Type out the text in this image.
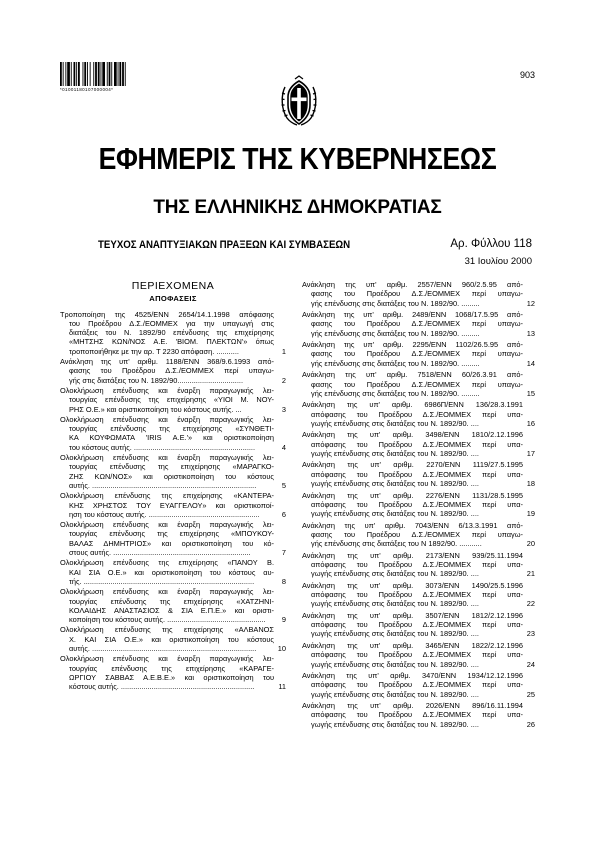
*01001180107000004*
903
ΕΦΗΜΕΡΙΣ ΤΗΣ ΚΥΒΕΡΝΗΣΕΩΣ
ΤΗΣ ΕΛΛΗΝΙΚΗΣ ΔΗΜΟΚΡΑΤΙΑΣ
ΤΕΥΧΟΣ ΑΝΑΠΤΥΞΙΑΚΩΝ ΠΡΑΞΕΩΝ ΚΑΙ ΣΥΜΒΑΣΕΩΝ	Αρ. Φύλλου 118
31 Ιουλίου 2000
ΠΕΡΙΕΧΟΜΕΝΑ
ΑΠΟΦΑΣΕΙΣ
Τροποποίηση της 4525/ΕΝΝ 2654/14.1.1998 απόφασης
του Προέδρου Δ.Σ./ΕΟΜΜΕΧ για την υπαγωγή στις
διατάξεις του Ν. 1892/90 επένδυσης της επιχείρησης
«ΜΗΤΣΗΣ ΚΩΝ/ΝΟΣ Α.Ε. 'ΒΙΟΜ. ΠΛΕΚΤΩΝ'» όπως
τροποποιήθηκε με την αρ. Τ 2230 απόφαση. ...........	1
Ανάκληση της υπ' αριθμ. 1188/ΕΝΝ 368/9.6.1993 από-
φασης του Προέδρου Δ.Σ./ΕΟΜΜΕΧ περί υπαγω-
γής στις διατάξεις του Ν. 1892/90................................	2
Ολοκλήρωση επένδυσης και έναρξη παραγωγικής λει-
τουργίας επένδυσης της επιχείρησης «ΥΙΟΙ Μ. ΝΟΥ-
ΡΗΣ Ο.Ε.» και οριστικοποίηση του κόστους αυτής. ...	3
Ολοκλήρωση επένδυσης και έναρξη παραγωγικής λει-
τουργίας επένδυσης της επιχείρησης «ΣΥΝΘΕΤΙ-
ΚΑ ΚΟΥΦΩΜΑΤΑ 'IRIS Α.Ε.'» και οριστικοποίηση
του κόστους αυτής. ...........................................................	4
Ολοκλήρωση επένδυσης και έναρξη παραγωγικής λει-
τουργίας επένδυσης της επιχείρησης «ΜΑΡΑΓΚΟ-
ΖΗΣ ΚΩΝ/ΝΟΣ» και οριστικοποίηση του κόστους
αυτής. ................................................................................	5
Ολοκλήρωση επένδυσης της επιχείρησης «ΚΑΝΤΕΡΑ-
ΚΗΣ ΧΡΗΣΤΟΣ ΤΟΥ ΕΥΑΓΓΕΛΟΥ» και οριστικοποί-
ηση του κόστους αυτής. ......................................................	6
Ολοκλήρωση επένδυσης και έναρξη παραγωγικής λει-
τουργίας επένδυσης της επιχείρησης «ΜΠΟΥΚΟΥ-
ΒΑΛΑΣ ΔΗΜΗΤΡΙΟΣ» και οριστικοποίηση του κό-
στους αυτής. ...................................................................	7
Ολοκλήρωση επένδυσης της επιχείρησης «ΠΑΝΟΥ Β.
ΚΑΙ ΣΙΑ Ο.Ε.» και οριστικοποίηση του κόστους αυ-
τής. ...................................................................................	8
Ολοκλήρωση επένδυσης και έναρξη παραγωγικής λει-
τουργίας επένδυσης της επιχείρησης «ΧΑΤΖΗΝΙ-
ΚΟΛΑΙΔΗΣ ΑΝΑΣΤΑΣΙΟΣ & ΣΙΑ Ε.Π.Ε.» και οριστι-
κοποίηση του κόστους αυτής. ................................................	9
Ολοκλήρωση επένδυσης της επιχείρησης «ΑΛΒΑΝΟΣ
Χ. ΚΑΙ ΣΙΑ Ο.Ε.» και οριστικοποίηση του κόστους
αυτής. ................................................................................	10
Ολοκλήρωση επένδυσης και έναρξη παραγωγικής λει-
τουργίας επένδυσης της επιχείρησης «ΚΑΡΑΓΕ-
ΩΡΓΙΟΥ ΣΑΒΒΑΣ Α.Ε.Β.Ε.» και οριστικοποίηση του
κόστους αυτής. .................................................................	11
Ανάκληση της υπ' αριθμ. 2557/ΕΝΝ 960/2.5.95 από-
φασης του Προέδρου Δ.Σ./ΕΟΜΜΕΧ περί υπαγω-
γής επένδυσης στις διατάξεις του Ν. 1892/90. .........	12
Ανάκληση της υπ' αριθμ. 2489/ΕΝΝ 1068/17.5.95 από-
φασης του Προέδρου Δ.Σ./ΕΟΜΜΕΧ περί υπαγω-
γής επένδυσης στις διατάξεις του Ν. 1892/90. .........	13
Ανάκληση της υπ' αριθμ. 2295/ΕΝΝ 1102/26.5.95 από-
φασης του Προέδρου Δ.Σ./ΕΟΜΜΕΧ περί υπαγω-
γής επένδυσης στις διατάξεις του Ν. 1892/90. .........	14
Ανάκληση της υπ' αριθμ. 7518/ΕΝΝ 60/26.3.91 από-
φασης του Προέδρου Δ.Σ./ΕΟΜΜΕΧ περί υπαγω-
γής επένδυσης στις διατάξεις του Ν. 1892/90. .........	15
Ανάκληση της υπ' αριθμ. 6986Π/ΕΝΝ 136/28.3.1991
απόφασης του Προέδρου Δ.Σ./ΕΟΜΜΕΧ περί υπα-
γωγής επένδυσης στις διατάξεις του Ν. 1892/90. ....	16
Ανάκληση της υπ' αριθμ. 3498/ΕΝΝ 1810/2.12.1996
απόφασης του Προέδρου Δ.Σ./ΕΟΜΜΕΧ περί υπα-
γωγής επένδυσης στις διατάξεις του Ν. 1892/90. ....	17
Ανάκληση της υπ' αριθμ. 2270/ΕΝΝ 1119/27.5.1995
απόφασης του Προέδρου Δ.Σ./ΕΟΜΜΕΧ περί υπα-
γωγής επένδυσης στις διατάξεις του Ν. 1892/90. ....	18
Ανάκληση της υπ' αριθμ. 2276/ΕΝΝ 1131/28.5.1995
απόφασης του Προέδρου Δ.Σ./ΕΟΜΜΕΧ περί υπα-
γωγής επένδυσης στις διατάξεις του Ν. 1892/90. ....	19
Ανάκληση της υπ' αριθμ. 7043/ΕΝΝ 6/13.3.1991 από-
φασης του Προέδρου Δ.Σ./ΕΟΜΜΕΧ περί υπαγω-
γής επένδυσης στις διατάξεις του Ν 1892/90. ...........	20
Ανάκληση της υπ' αριθμ. 2173/ΕΝΝ 939/25.11.1994
απόφασης του Προέδρου Δ.Σ./ΕΟΜΜΕΧ περί υπα-
γωγής επένδυσης στις διατάξεις του Ν. 1892/90. ....	21
Ανάκληση της υπ' αριθμ. 3073/ΕΝΝ 1490/25.5.1996
απόφασης του Προέδρου Δ.Σ./ΕΟΜΜΕΧ περί υπα-
γωγής επένδυσης στις διατάξεις του Ν. 1892/90. ....	22
Ανάκληση της υπ' αριθμ. 3507/ΕΝΝ 1812/2.12.1996
απόφασης του Προέδρου Δ.Σ./ΕΟΜΜΕΧ περί υπα-
γωγής επένδυσης στις διατάξεις του Ν. 1892/90. ....	23
Ανάκληση της υπ' αριθμ. 3465/ΕΝΝ 1822/2.12.1996
απόφασης του Προέδρου Δ.Σ./ΕΟΜΜΕΧ περί υπα-
γωγής επένδυσης στις διατάξεις του Ν. 1892/90. ....	24
Ανάκληση της υπ' αριθμ. 3470/ΕΝΝ 1934/12.12.1996
απόφασης του Προέδρου Δ.Σ./ΕΟΜΜΕΧ περί υπα-
γωγής επένδυσης στις διατάξεις του Ν. 1892/90. ....	25
Ανάκληση της υπ' αριθμ. 2026/ΕΝΝ 896/16.11.1994
απόφασης του Προέδρου Δ.Σ./ΕΟΜΜΕΧ περί υπα-
γωγής επένδυσης στις διατάξεις του Ν. 1892/90. ....	26
